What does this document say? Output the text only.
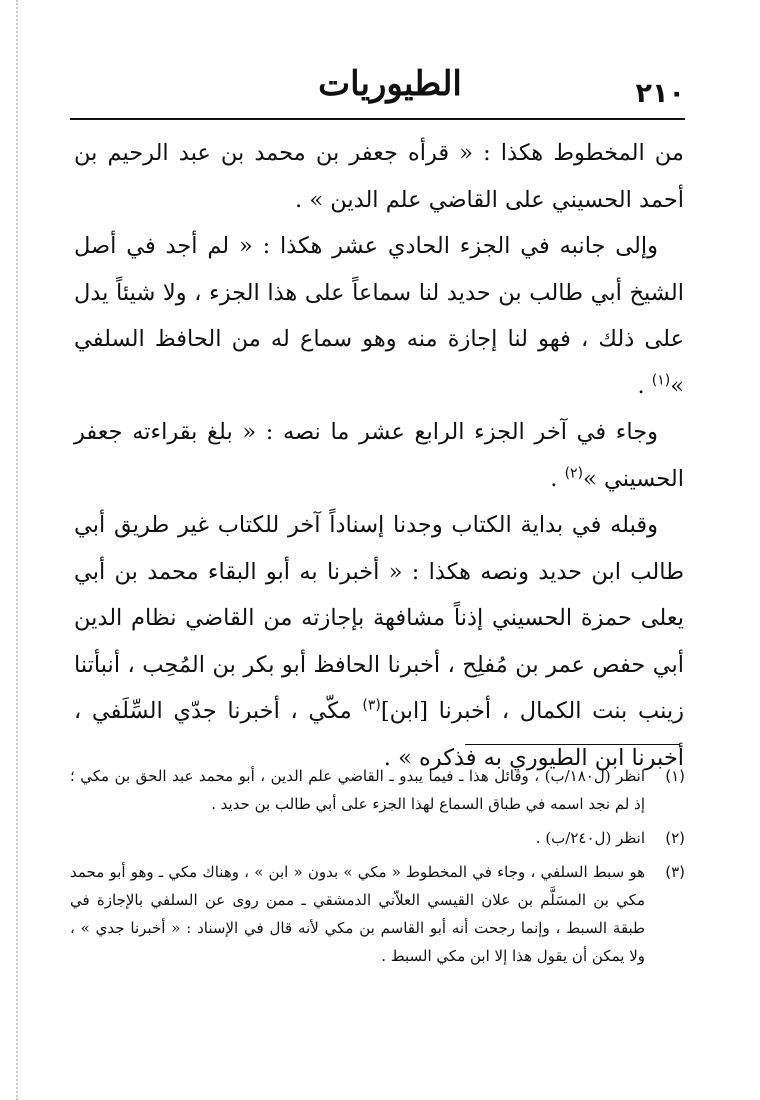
٢١٠
الطيوريات

من المخطوط هكذا : « قرأه جعفر بن محمد بن عبد الرحيم بن أحمد الحسيني على القاضي علم الدين » .

وإلى جانبه في الجزء الحادي عشر هكذا : « لم أجد في أصل الشيخ أبي طالب بن حديد لنا سماعاً على هذا الجزء ، ولا شيئاً يدل على ذلك ، فهو لنا إجازة منه وهو سماع له من الحافظ السلفي »$^{(١)}$ .

وجاء في آخر الجزء الرابع عشر ما نصه : « بلغ بقراءته جعفر الحسيني »$^{(٢)}$ .

وقبله في بداية الكتاب وجدنا إسناداً آخر للكتاب غير طريق أبي طالب ابن حديد ونصه هكذا : « أخبرنا به أبو البقاء محمد بن أبي يعلى حمزة الحسيني إذناً مشافهة بإجازته من القاضي نظام الدين أبي حفص عمر بن مُفلِح ، أخبرنا الحافظ أبو بكر بن المُحِب ، أنبأتنا زينب بنت الكمال ، أخبرنا [ابن]$^{(٣)}$ مكّي ، أخبرنا جدّي السِّلَفي ، أخبرنا ابن الطيوري به فذكره » .

(١)
انظر (ل١٨٠/ب) ، وقائل هذا ـ فيما يبدو ـ القاضي علم الدين ، أبو محمد عبد الحق بن مكي ؛ إذ لم نجد اسمه في طباق السماع لهذا الجزء على أبي طالب بن حديد .
(٢)
انظر (ل٢٤٠/ب) .
(٣)
هو سبط السلفي ، وجاء في المخطوط « مكي » بدون « ابن » ، وهناك مكي ـ وهو أبو محمد مكي بن المسَلَّم بن علان القيسي العلاّني الدمشقي ـ ممن روى عن السلفي بالإجازة في طبقة السبط ، وإنما رجحت أنه أبو القاسم بن مكي لأنه قال في الإسناد : « أخبرنا جدي » ، ولا يمكن أن يقول هذا إلا ابن مكي السبط .
